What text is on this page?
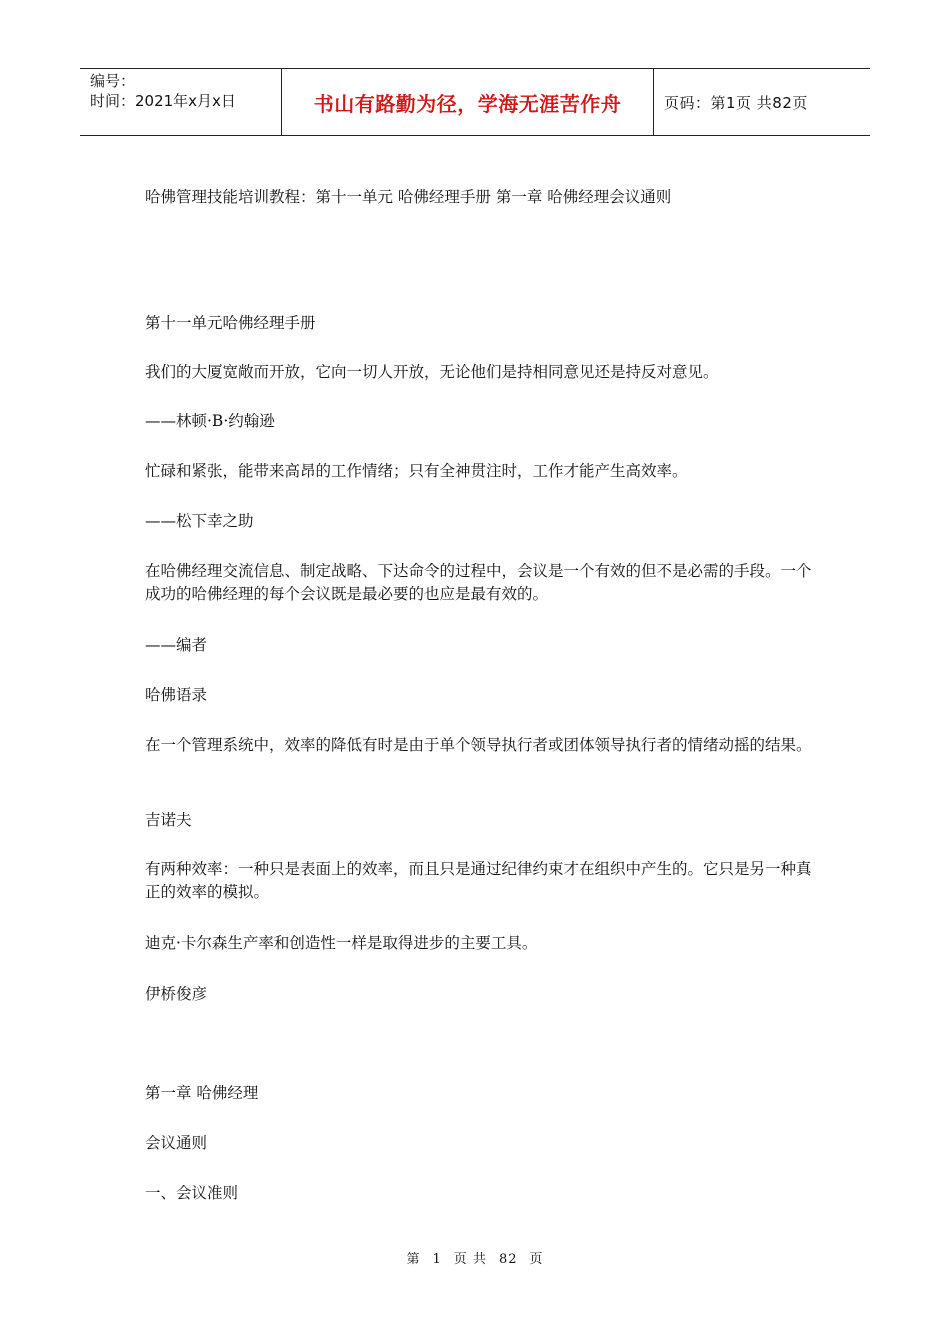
编号：
时间：2021年x月x日	书山有路勤为径，学海无涯苦作舟	页码：第1页 共82页

哈佛管理技能培训教程：第十一单元 哈佛经理手册 第一章 哈佛经理会议通则

第十一单元哈佛经理手册

我们的大厦宽敞而开放，它向一切人开放，无论他们是持相同意见还是持反对意见。

——林顿·B·约翰逊

忙碌和紧张，能带来高昂的工作情绪；只有全神贯注时，工作才能产生高效率。

——松下幸之助

在哈佛经理交流信息、制定战略、下达命令的过程中，会议是一个有效的但不是必需的手段。一个成功的哈佛经理的每个会议既是最必要的也应是最有效的。

——编者

哈佛语录

在一个管理系统中，效率的降低有时是由于单个领导执行者或团体领导执行者的情绪动摇的结果。

吉诺夫

有两种效率：一种只是表面上的效率，而且只是通过纪律约束才在组织中产生的。它只是另一种真正的效率的模拟。

迪克·卡尔森生产率和创造性一样是取得进步的主要工具。

伊桥俊彦

第一章 哈佛经理

会议通则

一、会议准则

第 1 页 共 82 页
